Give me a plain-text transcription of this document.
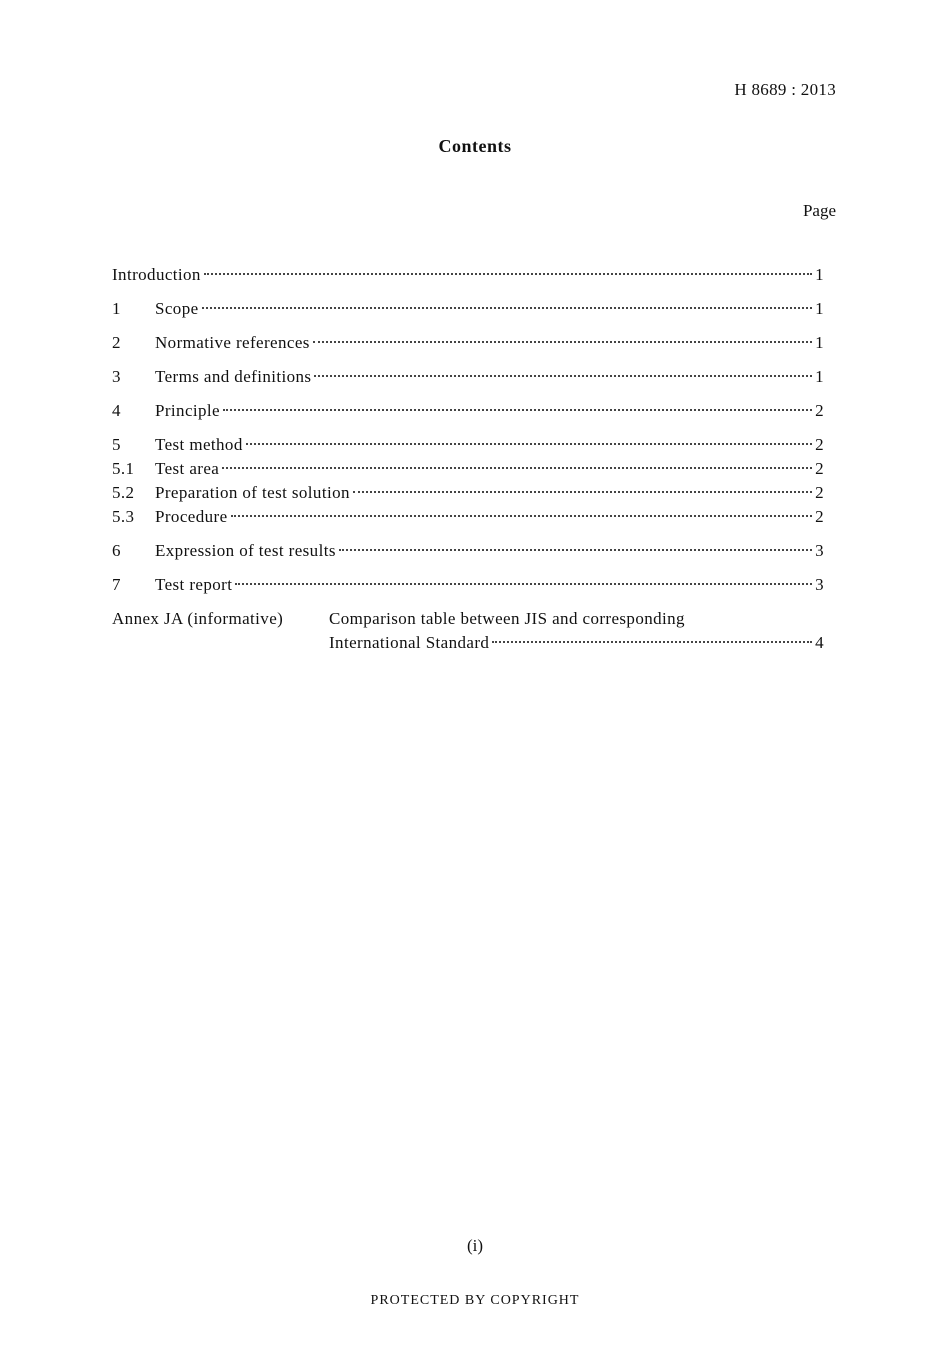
H 8689 : 2013
Contents
Page
Introduction	1
1	Scope	1
2	Normative references	1
3	Terms and definitions	1
4	Principle	2
5	Test method	2
5.1	Test area	2
5.2	Preparation of test solution	2
5.3	Procedure	2
6	Expression of test results	3
7	Test report	3
Annex JA (informative)	Comparison table between JIS and corresponding
International Standard	4
(i)
PROTECTED BY COPYRIGHT
